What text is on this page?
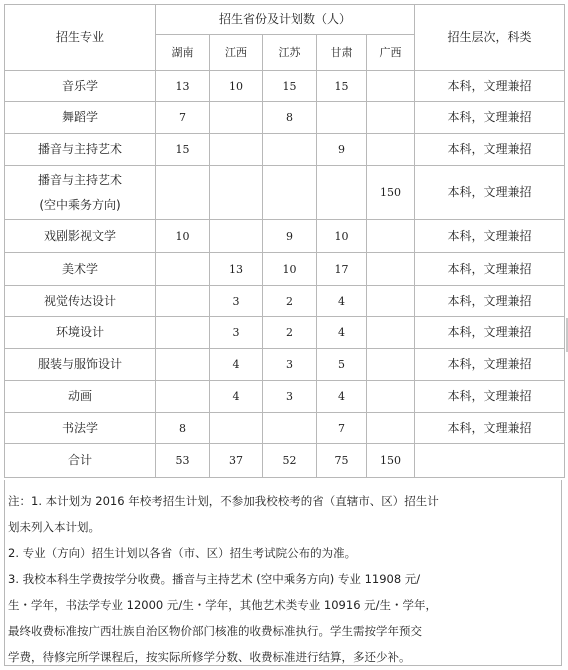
招生专业	招生省份及计划数（人）					招生层次，科类
	湖南	江西	江苏	甘肃	广西	

音乐学	13	10	15	15		本科，文理兼招

舞蹈学	7		8			本科，文理兼招

播音与主持艺术	15			9		本科，文理兼招

播音与主持艺术
(空中乘务方向)					150	本科，文理兼招

戏剧影视文学	10		9	10		本科，文理兼招

美术学		13	10	17		本科，文理兼招

视觉传达设计		3	2	4		本科，文理兼招

环境设计		3	2	4		本科，文理兼招

服装与服饰设计		4	3	5		本科，文理兼招

动画		4	3	4		本科，文理兼招

书法学	8			7		本科，文理兼招
合计	53	37	52	75	150	

注：1. 本计划为 2016 年校考招生计划，不参加我校校考的省（直辖市、区）招生计

划未列入本计划。

2. 专业（方向）招生计划以各省（市、区）招生考试院公布的为准。

3. 我校本科生学费按学分收费。播音与主持艺术 (空中乘务方向) 专业 11908 元/

生・学年，书法学专业 12000 元/生・学年，其他艺术类专业 10916 元/生・学年，

最终收费标准按广西壮族自治区物价部门核准的收费标准执行。学生需按学年预交

学费，待修完所学课程后，按实际所修学分数、收费标准进行结算，多还少补。
